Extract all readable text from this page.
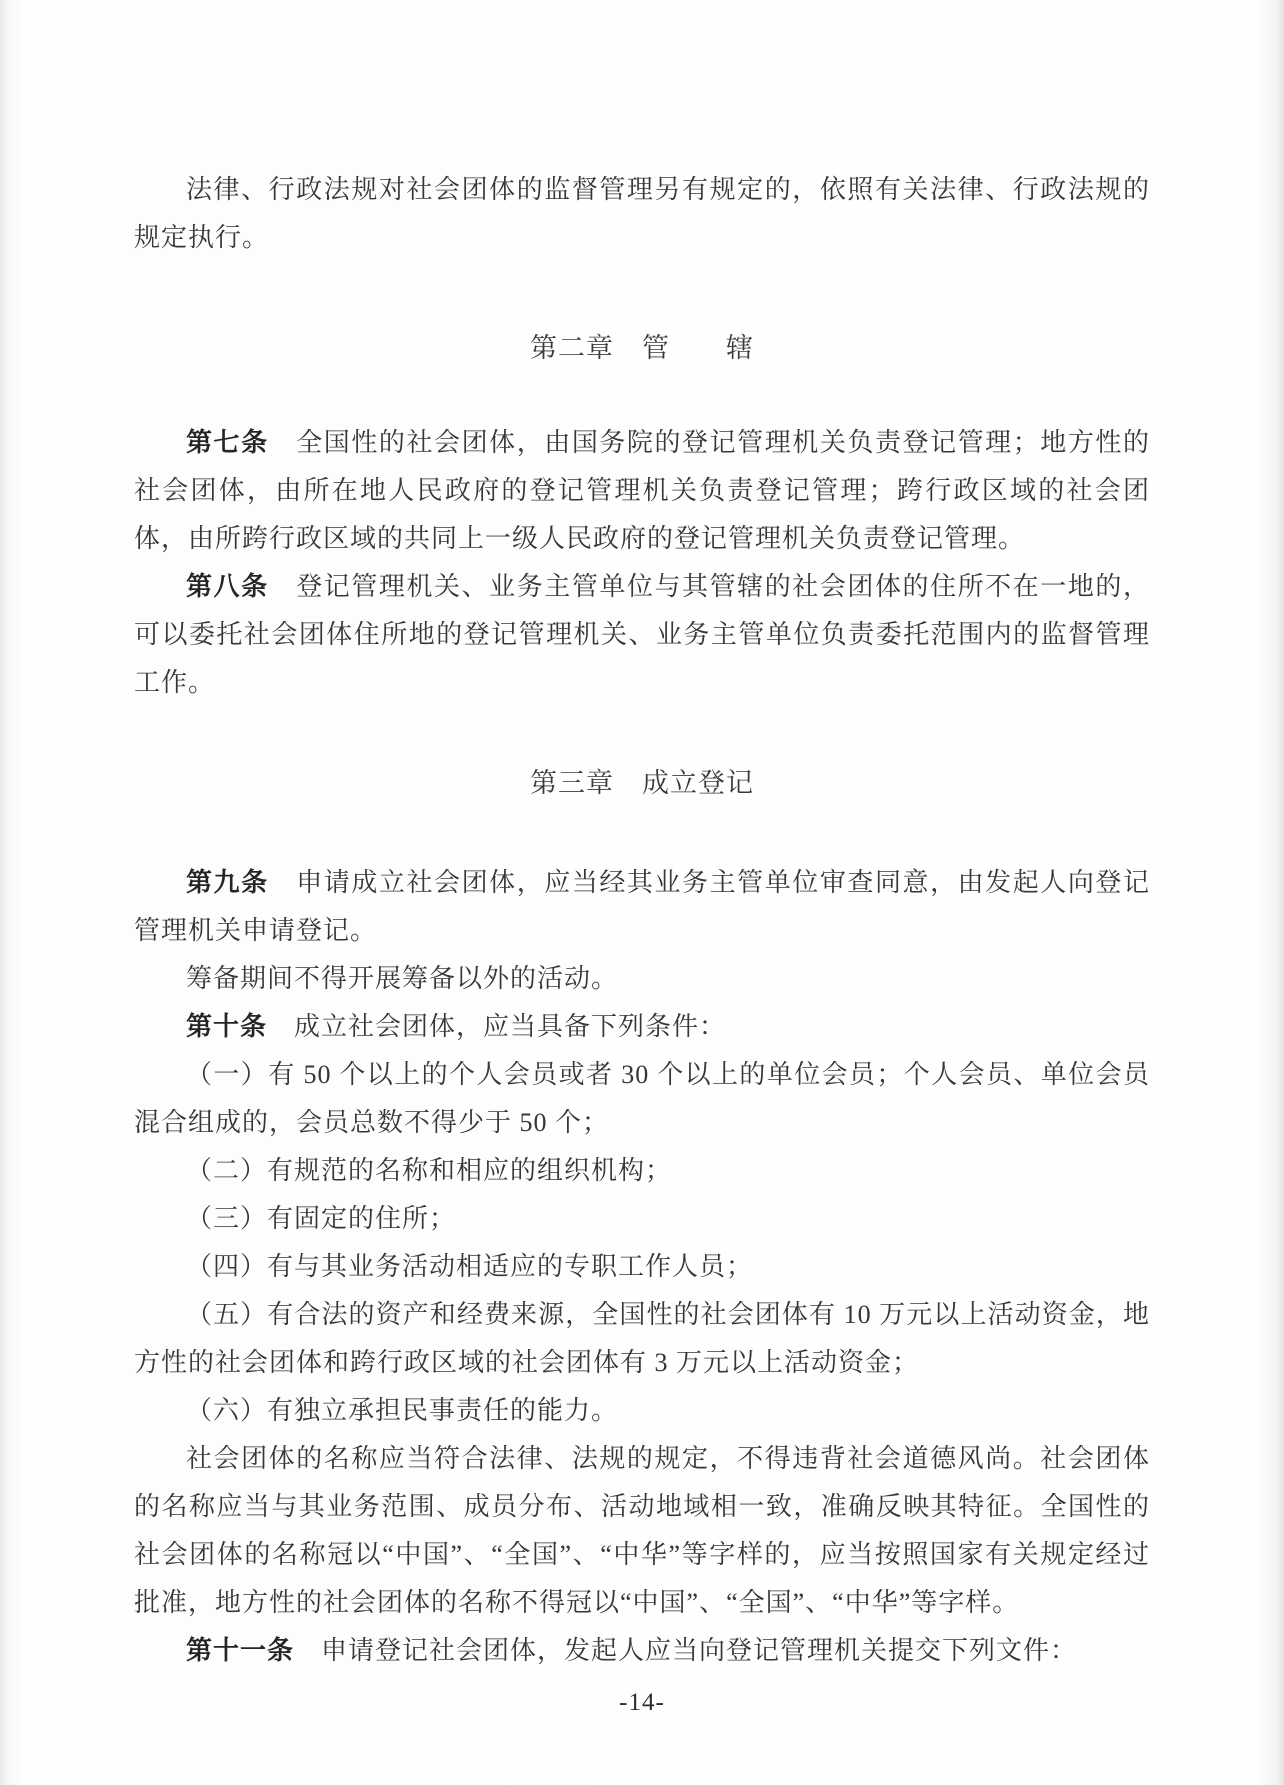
法律、行政法规对社会团体的监督管理另有规定的，依照有关法律、行政法规的规定执行。

第二章　管　　辖

第七条　全国性的社会团体，由国务院的登记管理机关负责登记管理；地方性的社会团体，由所在地人民政府的登记管理机关负责登记管理；跨行政区域的社会团体，由所跨行政区域的共同上一级人民政府的登记管理机关负责登记管理。

第八条　登记管理机关、业务主管单位与其管辖的社会团体的住所不在一地的，可以委托社会团体住所地的登记管理机关、业务主管单位负责委托范围内的监督管理工作。

第三章　成立登记

第九条　申请成立社会团体，应当经其业务主管单位审查同意，由发起人向登记管理机关申请登记。

筹备期间不得开展筹备以外的活动。

第十条　成立社会团体，应当具备下列条件：

（一）有 50 个以上的个人会员或者 30 个以上的单位会员；个人会员、单位会员混合组成的，会员总数不得少于 50 个；

（二）有规范的名称和相应的组织机构；

（三）有固定的住所；

（四）有与其业务活动相适应的专职工作人员；

（五）有合法的资产和经费来源，全国性的社会团体有 10 万元以上活动资金，地方性的社会团体和跨行政区域的社会团体有 3 万元以上活动资金；

（六）有独立承担民事责任的能力。

社会团体的名称应当符合法律、法规的规定，不得违背社会道德风尚。社会团体的名称应当与其业务范围、成员分布、活动地域相一致，准确反映其特征。全国性的社会团体的名称冠以“中国”、“全国”、“中华”等字样的，应当按照国家有关规定经过批准，地方性的社会团体的名称不得冠以“中国”、“全国”、“中华”等字样。

第十一条　申请登记社会团体，发起人应当向登记管理机关提交下列文件：

-14-
